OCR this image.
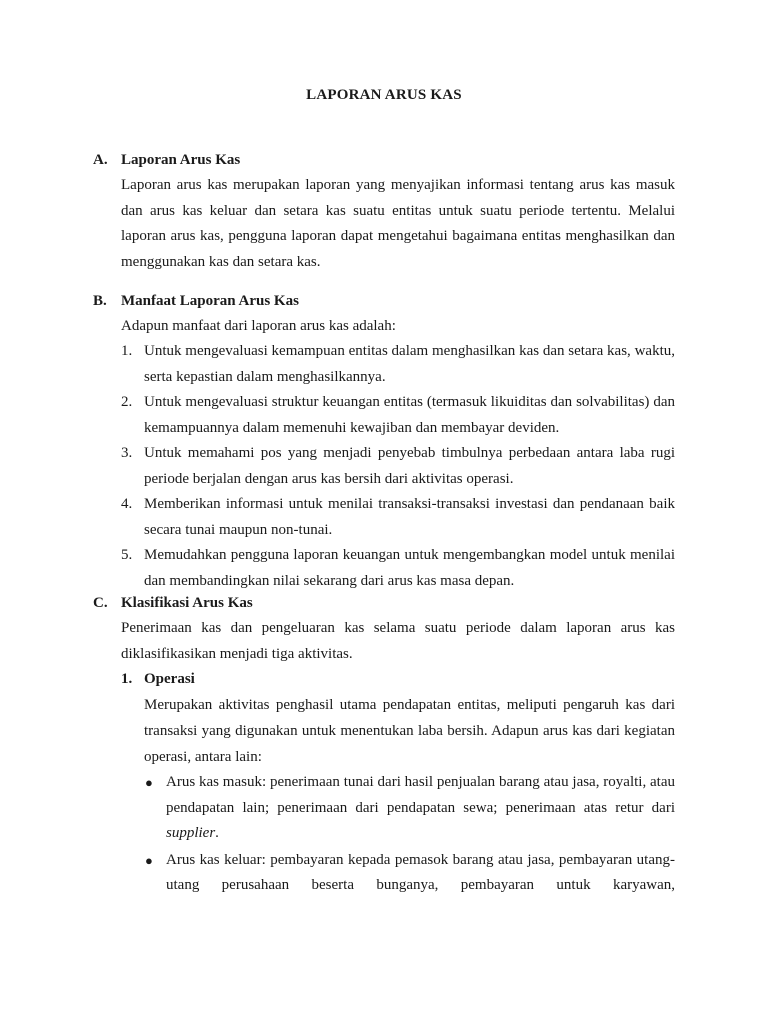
LAPORAN ARUS KAS
A. Laporan Arus Kas
Laporan arus kas merupakan laporan yang menyajikan informasi tentang arus kas masuk dan arus kas keluar dan setara kas suatu entitas untuk suatu periode tertentu. Melalui laporan arus kas, pengguna laporan dapat mengetahui bagaimana entitas menghasilkan dan menggunakan kas dan setara kas.
B. Manfaat Laporan Arus Kas
Adapun manfaat dari laporan arus kas adalah:
1. Untuk mengevaluasi kemampuan entitas dalam menghasilkan kas dan setara kas, waktu, serta kepastian dalam menghasilkannya.
2. Untuk mengevaluasi struktur keuangan entitas (termasuk likuiditas dan solvabilitas) dan kemampuannya dalam memenuhi kewajiban dan membayar deviden.
3. Untuk memahami pos yang menjadi penyebab timbulnya perbedaan antara laba rugi periode berjalan dengan arus kas bersih dari aktivitas operasi.
4. Memberikan informasi untuk menilai transaksi-transaksi investasi dan pendanaan baik secara tunai maupun non-tunai.
5. Memudahkan pengguna laporan keuangan untuk mengembangkan model untuk menilai dan membandingkan nilai sekarang dari arus kas masa depan.
C. Klasifikasi Arus Kas
Penerimaan kas dan pengeluaran kas selama suatu periode dalam laporan arus kas diklasifikasikan menjadi tiga aktivitas.
1. Operasi
Merupakan aktivitas penghasil utama pendapatan entitas, meliputi pengaruh kas dari transaksi yang digunakan untuk menentukan laba bersih. Adapun arus kas dari kegiatan operasi, antara lain:
● Arus kas masuk: penerimaan tunai dari hasil penjualan barang atau jasa, royalti, atau pendapatan lain; penerimaan dari pendapatan sewa; penerimaan atas retur dari supplier.
● Arus kas keluar: pembayaran kepada pemasok barang atau jasa, pembayaran utang-utang perusahaan beserta bunganya, pembayaran untuk karyawan,
